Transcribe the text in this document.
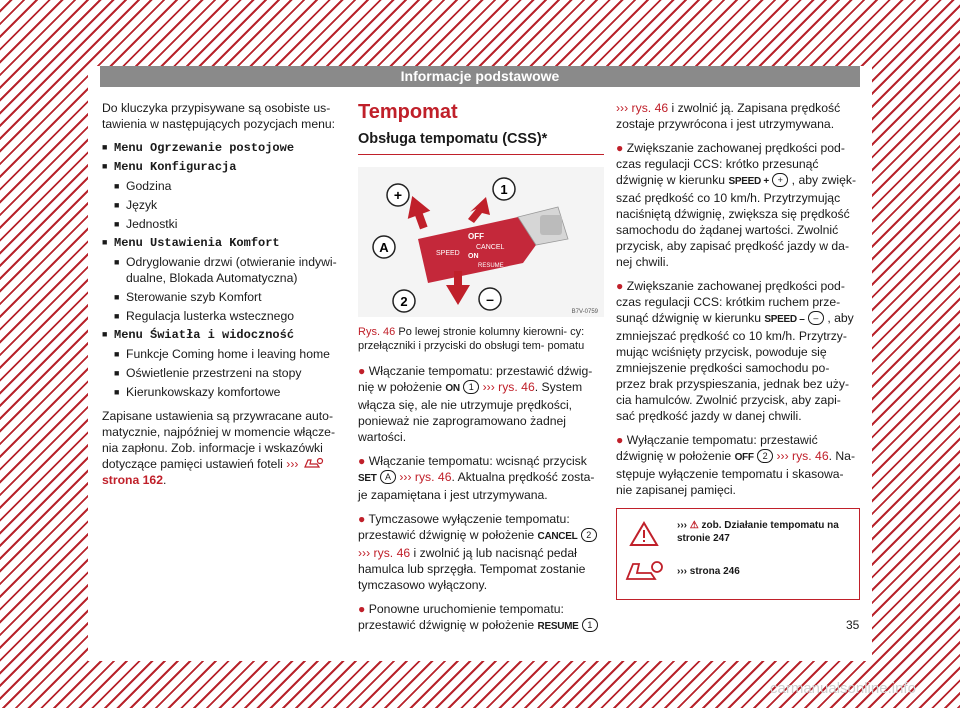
Informacje podstawowe

Do kluczyka przypisywane są osobiste us- tawienia w następujących pozycjach menu:

■ Menu Ogrzewanie postojowe
■ Menu Konfiguracja
■ Godzina
■ Język
■ Jednostki
■ Menu Ustawienia Komfort
■ Odryglowanie drzwi (otwieranie indywi- dualne, Blokada Automatyczna)
■ Sterowanie szyb Komfort
■ Regulacja lusterka wstecznego
■ Menu Światła i widoczność
■ Funkcje Coming home i leaving home
■ Oświetlenie przestrzeni na stopy
■ Kierunkowskazy komfortowe

Zapisane ustawienia są przywracane auto- matycznie, najpóźniej w momencie włącze- nia zapłonu. Zob. informacje i wskazówki dotyczące pamięci ustawień foteli ›››  strona 162.

Tempomat
Obsługa tempomatu (CSS)*
OFF
CANCEL
ON
RESUME
SPEED
+	1
A
2	–
B7V-0759
Rys. 46 Po lewej stronie kolumny kierowni- cy: przełączniki i przyciski do obsługi tem- pomatu

● Włączanie tempomatu: przestawić dźwig- nię w położenie ON 1 ››› rys. 46. System włącza się, ale nie utrzymuje prędkości, ponieważ nie zaprogramowano żadnej wartości.

● Włączanie tempomatu: wcisnąć przycisk SET A ››› rys. 46. Aktualna prędkość zosta- je zapamiętana i jest utrzymywana.

● Tymczasowe wyłączenie tempomatu: przestawić dźwignię w położenie CANCEL 2 ››› rys. 46 i zwolnić ją lub nacisnąć pedał hamulca lub sprzęgła. Tempomat zostanie tymczasowo wyłączony.

● Ponowne uruchomienie tempomatu: przestawić dźwignię w położenie RESUME 1

››› rys. 46 i zwolnić ją. Zapisana prędkość zostaje przywrócona i jest utrzymywana.

● Zwiększanie zachowanej prędkości pod- czas regulacji CCS: krótko przesunąć dźwignię w kierunku SPEED + + , aby zwięk- szać prędkość co 10 km/h. Przytrzymując naciśniętą dźwignię, zwiększa się prędkość samochodu do żądanej wartości. Zwolnić przycisk, aby zapisać prędkość jazdy w da- nej chwili.

● Zwiększanie zachowanej prędkości pod- czas regulacji CCS: krótkim ruchem prze- sunąć dźwignię w kierunku SPEED – – , aby zmniejszać prędkość co 10 km/h. Przytrzy- mując wciśnięty przycisk, powoduje się zmniejszenie prędkości samochodu po- przez brak przyspieszania, jednak bez uży- cia hamulców. Zwolnić przycisk, aby zapi- sać prędkość jazdy w danej chwili.

● Wyłączanie tempomatu: przestawić dźwignię w położenie OFF 2 ››› rys. 46. Na- stępuje wyłączenie tempomatu i skasowa- nie zapisanej pamięci.

››› ⚠ zob. Działanie tempomatu na stronie 247
››› strona 246
35
carmanualsonline.info
